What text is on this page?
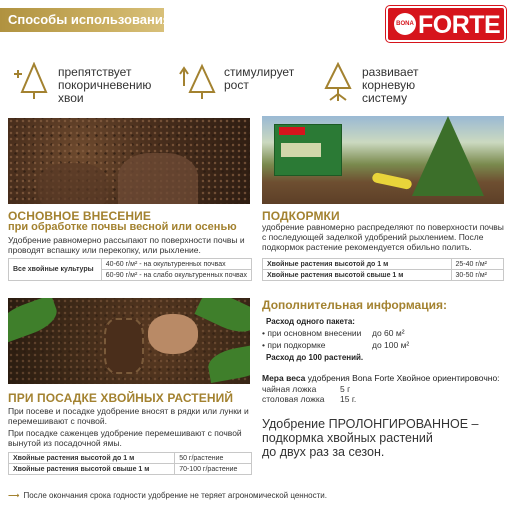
Способы использования	BONA FORTE
препятствует
покоричневению
хвои
стимулирует
рост
развивает корневую
систему
ОСНОВНОЕ ВНЕСЕНИЕ
при обработке почвы весной или осенью
Удобрение равномерно рассыпают по поверхности почвы и проводят вспашку или перекопку, или рыхление.
Все хвойные культуры	40-60 г/м² - на окультуренных почвах
60-90 г/м² - на слабо окультуренных почвах
ПОДКОРМКИ
удобрение равномерно распределяют по поверхности почвы с последующей заделкой удобрений рыхлением. После подкормок растение рекомендуется обильно полить.
Хвойные растения высотой до 1 м	25-40 г/м²
Хвойные растения высотой свыше 1 м	30-50 г/м²
ПРИ ПОСАДКЕ ХВОЙНЫХ РАСТЕНИЙ
При посеве и посадке удобрение вносят в рядки или лунки и перемешивают с почвой.
При посадке саженцев удобрение перемешивают с почвой вынутой из посадочной ямы.
Хвойные растения высотой до 1 м	50 г/растение
Хвойные растения высотой свыше 1 м	70-100 г/растение
Дополнительная информация:
Расход одного пакета:
• при основном внесении до 60 м²
• при подкормке	до 100 м²
Расход до 100 растений.
Мера веса удобрения Bona Forte Хвойное ориентировочно:
чайная ложка	5 г
столовая ложка 15 г.
Удобрение ПРОЛОНГИРОВАННОЕ –
подкормка хвойных растений
до двух раз за сезон.
⟶ После окончания срока годности удобрение не теряет агрономической ценности.
